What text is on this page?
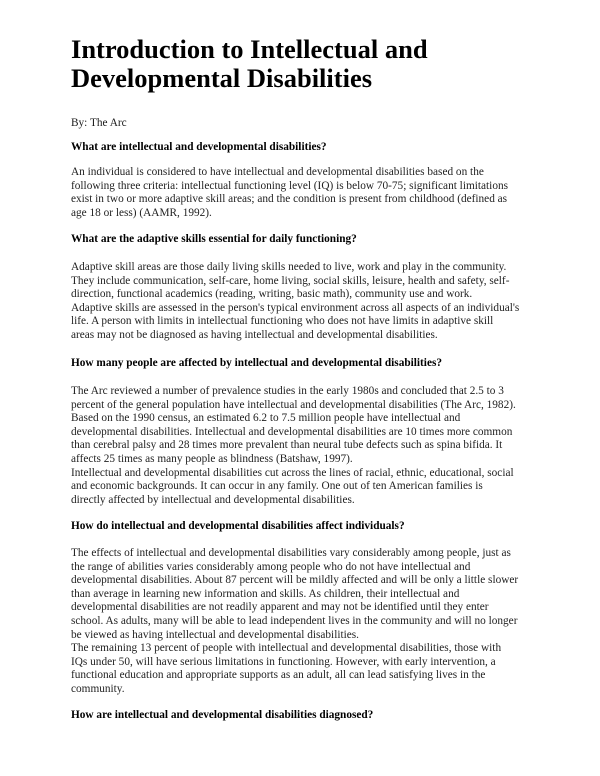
Introduction to Intellectual and
Developmental Disabilities
By: The Arc
What are intellectual and developmental disabilities?
An individual is considered to have intellectual and developmental disabilities based on the
following three criteria: intellectual functioning level (IQ) is below 70-75; significant limitations
exist in two or more adaptive skill areas; and the condition is present from childhood (defined as
age 18 or less) (AAMR, 1992).
What are the adaptive skills essential for daily functioning?
Adaptive skill areas are those daily living skills needed to live, work and play in the community.
They include communication, self-care, home living, social skills, leisure, health and safety, self-
direction, functional academics (reading, writing, basic math), community use and work.
Adaptive skills are assessed in the person's typical environment across all aspects of an individual's
life. A person with limits in intellectual functioning who does not have limits in adaptive skill
areas may not be diagnosed as having intellectual and developmental disabilities.
How many people are affected by intellectual and developmental disabilities?
The Arc reviewed a number of prevalence studies in the early 1980s and concluded that 2.5 to 3
percent of the general population have intellectual and developmental disabilities (The Arc, 1982).
Based on the 1990 census, an estimated 6.2 to 7.5 million people have intellectual and
developmental disabilities. Intellectual and developmental disabilities are 10 times more common
than cerebral palsy and 28 times more prevalent than neural tube defects such as spina bifida. It
affects 25 times as many people as blindness (Batshaw, 1997).
Intellectual and developmental disabilities cut across the lines of racial, ethnic, educational, social
and economic backgrounds. It can occur in any family. One out of ten American families is
directly affected by intellectual and developmental disabilities.
How do intellectual and developmental disabilities affect individuals?
The effects of intellectual and developmental disabilities vary considerably among people, just as
the range of abilities varies considerably among people who do not have intellectual and
developmental disabilities. About 87 percent will be mildly affected and will be only a little slower
than average in learning new information and skills. As children, their intellectual and
developmental disabilities are not readily apparent and may not be identified until they enter
school. As adults, many will be able to lead independent lives in the community and will no longer
be viewed as having intellectual and developmental disabilities.
The remaining 13 percent of people with intellectual and developmental disabilities, those with
IQs under 50, will have serious limitations in functioning. However, with early intervention, a
functional education and appropriate supports as an adult, all can lead satisfying lives in the
community.
How are intellectual and developmental disabilities diagnosed?
